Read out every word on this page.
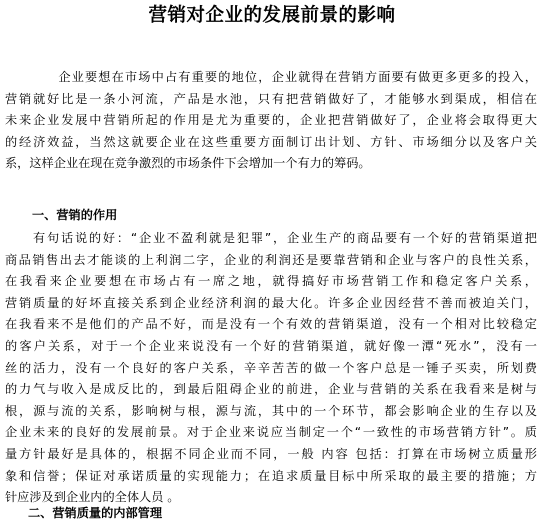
营销对企业的发展前景的影响
　　　　企业要想在市场中占有重要的地位，企业就得在营销方面要有做更多更多的投入，
营销就好比是一条小河流，产品是水池，只有把营销做好了，才能够水到渠成，相信在
未来企业发展中营销所起的作用是尤为重要的，企业把营销做好了，企业将会取得更大
的经济效益，当然这就要企业在这些重要方面制订出计划、方针、市场细分以及客户关
系，这样企业在现在竞争激烈的市场条件下会增加一个有力的筹码。
一、营销的作用
　　有句话说的好：“企业不盈利就是犯罪”，企业生产的商品要有一个好的营销渠道把
商品销售出去才能谈的上利润二字，企业的利润还是要靠营销和企业与客户的良性关系，
在我看来企业要想在市场占有一席之地，就得搞好市场营销工作和稳定客户关系，
营销质量的好坏直接关系到企业经济利润的最大化。许多企业因经营不善而被迫关门，
在我看来不是他们的产品不好，而是没有一个有效的营销渠道，没有一个相对比较稳定
的客户关系，对于一个企业来说没有一个好的营销渠道，就好像一潭“死水”，没有一
丝的活力，没有一个良好的客户关系，辛辛苦苦的做一个客户总是一锤子买卖，所划费
的力气与收入是成反比的，到最后阻碍企业的前进，企业与营销的关系在我看来是树与
根，源与流的关系，影响树与根，源与流，其中的一个环节，都会影响企业的生存以及
企业未来的良好的发展前景。对于企业来说应当制定一个“一致性的市场营销方针”。质
量方针最好是具体的，根据不同企业而不同，一般 内容 包括：打算在市场树立质量形
象和信誉；保证对承诺质量的实现能力；在追求质量目标中所采取的最主要的措施；方
针应涉及到企业内的全体人员 。
二、营销质量的内部管理
